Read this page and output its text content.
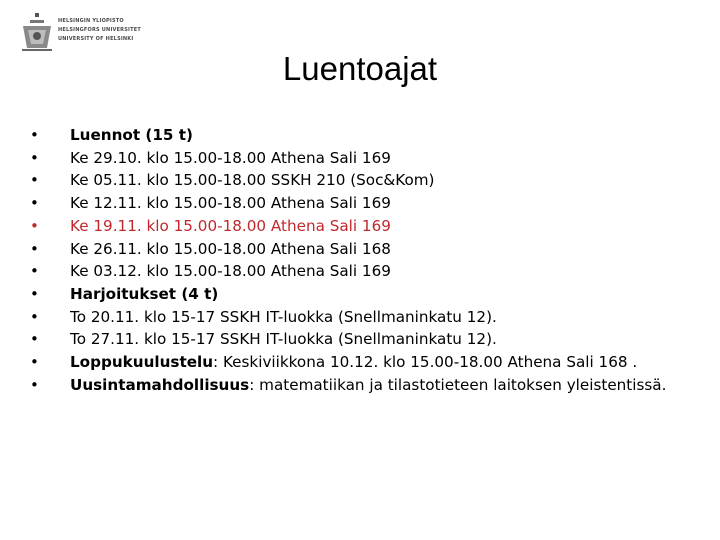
HELSINGIN YLIOPISTO
HELSINGFORS UNIVERSITET
UNIVERSITY OF HELSINKI
Luentoajat
•	Luennot (15 t)
•	Ke 29.10. klo 15.00-18.00 Athena Sali 169
•	Ke 05.11. klo 15.00-18.00 SSKH 210 (Soc&Kom)
•	Ke 12.11. klo 15.00-18.00 Athena Sali 169
•	Ke 19.11. klo 15.00-18.00 Athena Sali 169
•	Ke 26.11. klo 15.00-18.00 Athena Sali 168
•	Ke 03.12. klo 15.00-18.00 Athena Sali 169
•	Harjoitukset (4 t)
•	To 20.11. klo 15-17 SSKH IT-luokka (Snellmaninkatu 12).
•	To 27.11. klo 15-17 SSKH IT-luokka (Snellmaninkatu 12).
•	Loppukuulustelu: Keskiviikkona 10.12. klo 15.00-18.00 Athena Sali 168 .
•	Uusintamahdollisuus: matematiikan ja tilastotieteen laitoksen yleistentissä.
